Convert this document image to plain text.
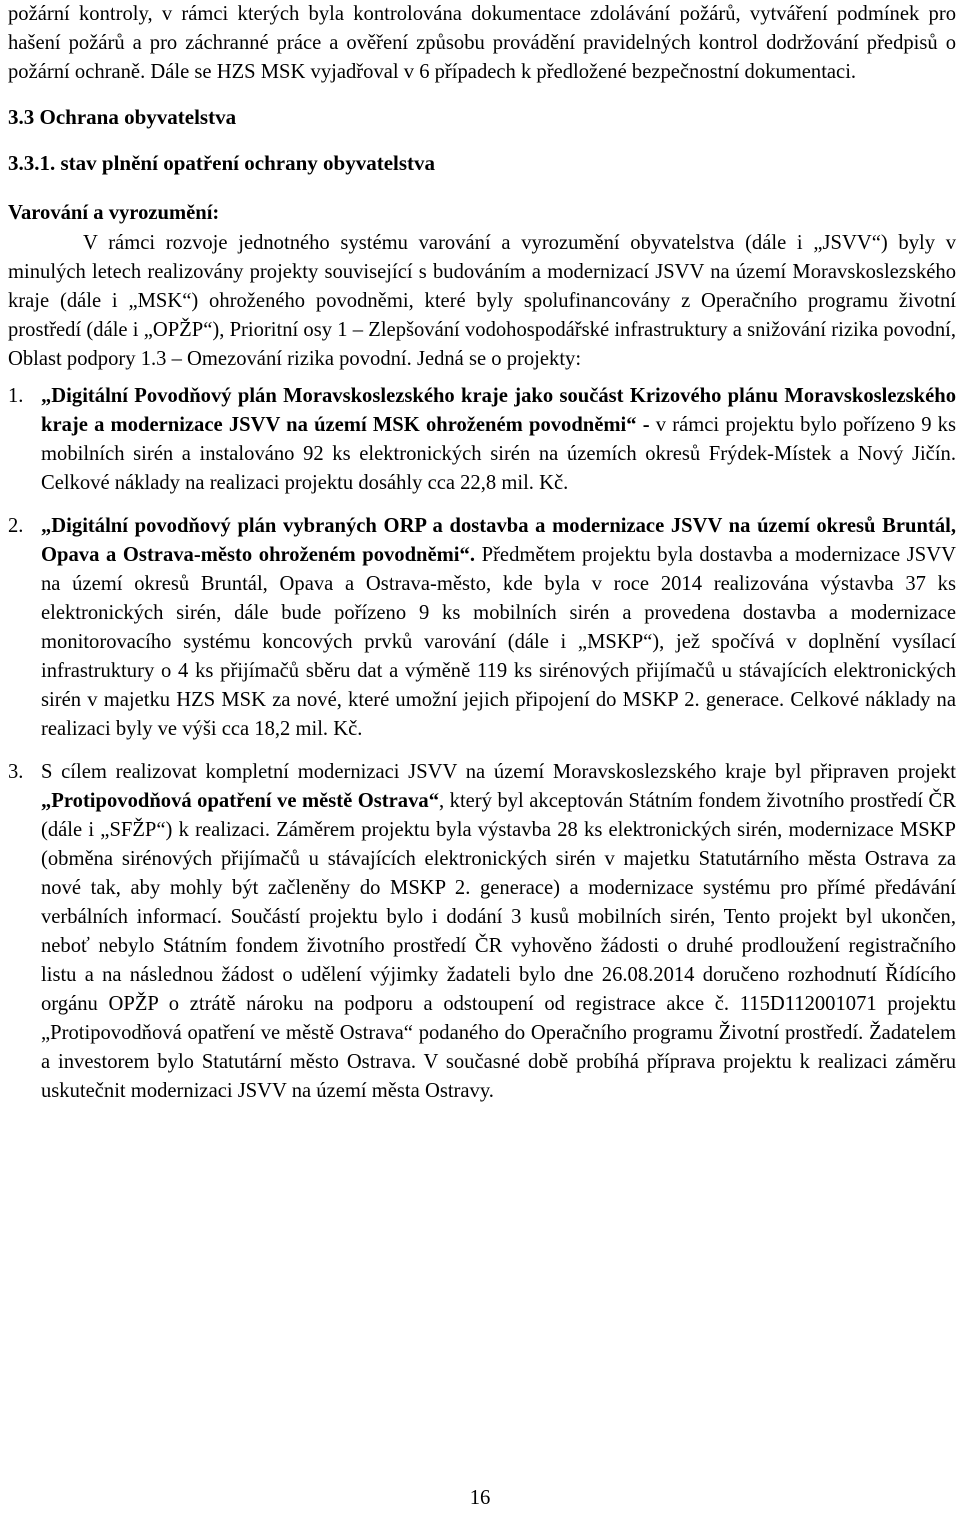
požární kontroly, v rámci kterých byla kontrolována dokumentace zdolávání požárů, vytváření podmínek pro hašení požárů a pro záchranné práce a ověření způsobu provádění pravidelných kontrol dodržování předpisů o požární ochraně. Dále se HZS MSK vyjadřoval v 6 případech k předložené bezpečnostní dokumentaci.

3.3 Ochrana obyvatelstva
3.3.1. stav plnění opatření ochrany obyvatelstva
Varování a vyrozumění:

V rámci rozvoje jednotného systému varování a vyrozumění obyvatelstva (dále i „JSVV“) byly v minulých letech realizovány projekty související s budováním a modernizací JSVV na území Moravskoslezského kraje (dále i „MSK“) ohroženého povodněmi, které byly spolufinancovány z Operačního programu životní prostředí (dále i „OPŽP“), Prioritní osy 1 – Zlepšování vodohospodářské infrastruktury a snižování rizika povodní, Oblast podpory 1.3 – Omezování rizika povodní. Jedná se o projekty:

1. „Digitální Povodňový plán Moravskoslezského kraje jako součást Krizového plánu Moravskoslezského kraje a modernizace JSVV na území MSK ohroženém povodněmi“ - v rámci projektu bylo pořízeno 9 ks mobilních sirén a instalováno 92 ks elektronických sirén na územích okresů Frýdek-Místek a Nový Jičín. Celkové náklady na realizaci projektu dosáhly cca 22,8 mil. Kč.

2. „Digitální povodňový plán vybraných ORP a dostavba a modernizace JSVV na území okresů Bruntál, Opava a Ostrava-město ohroženém povodněmi“. Předmětem projektu byla dostavba a modernizace JSVV na území okresů Bruntál, Opava a Ostrava-město, kde byla v roce 2014 realizována výstavba 37 ks elektronických sirén, dále bude pořízeno 9 ks mobilních sirén a provedena dostavba a modernizace monitorovacího systému koncových prvků varování (dále i „MSKP“), jež spočívá v doplnění vysílací infrastruktury o 4 ks přijímačů sběru dat a výměně 119 ks sirénových přijímačů u stávajících elektronických sirén v majetku HZS MSK za nové, které umožní jejich připojení do MSKP 2. generace. Celkové náklady na realizaci byly ve výši cca 18,2 mil. Kč.

3. S cílem realizovat kompletní modernizaci JSVV na území Moravskoslezského kraje byl připraven projekt „Protipovodňová opatření ve městě Ostrava“, který byl akceptován Státním fondem životního prostředí ČR (dále i „SFŽP“) k realizaci. Záměrem projektu byla výstavba 28 ks elektronických sirén, modernizace MSKP (obměna sirénových přijímačů u stávajících elektronických sirén v majetku Statutárního města Ostrava za nové tak, aby mohly být začleněny do MSKP 2. generace) a modernizace systému pro přímé předávání verbálních informací. Součástí projektu bylo i dodání 3 kusů mobilních sirén, Tento projekt byl ukončen, neboť nebylo Státním fondem životního prostředí ČR vyhověno žádosti o druhé prodloužení registračního listu a na následnou žádost o udělení výjimky žadateli bylo dne 26.08.2014 doručeno rozhodnutí Řídícího orgánu OPŽP o ztrátě nároku na podporu a odstoupení od registrace akce č. 115D112001071 projektu „Protipovodňová opatření ve městě Ostrava“ podaného do Operačního programu Životní prostředí. Žadatelem a investorem bylo Statutární město Ostrava. V současné době probíhá příprava projektu k realizaci záměru uskutečnit modernizaci JSVV na území města Ostravy.

16
